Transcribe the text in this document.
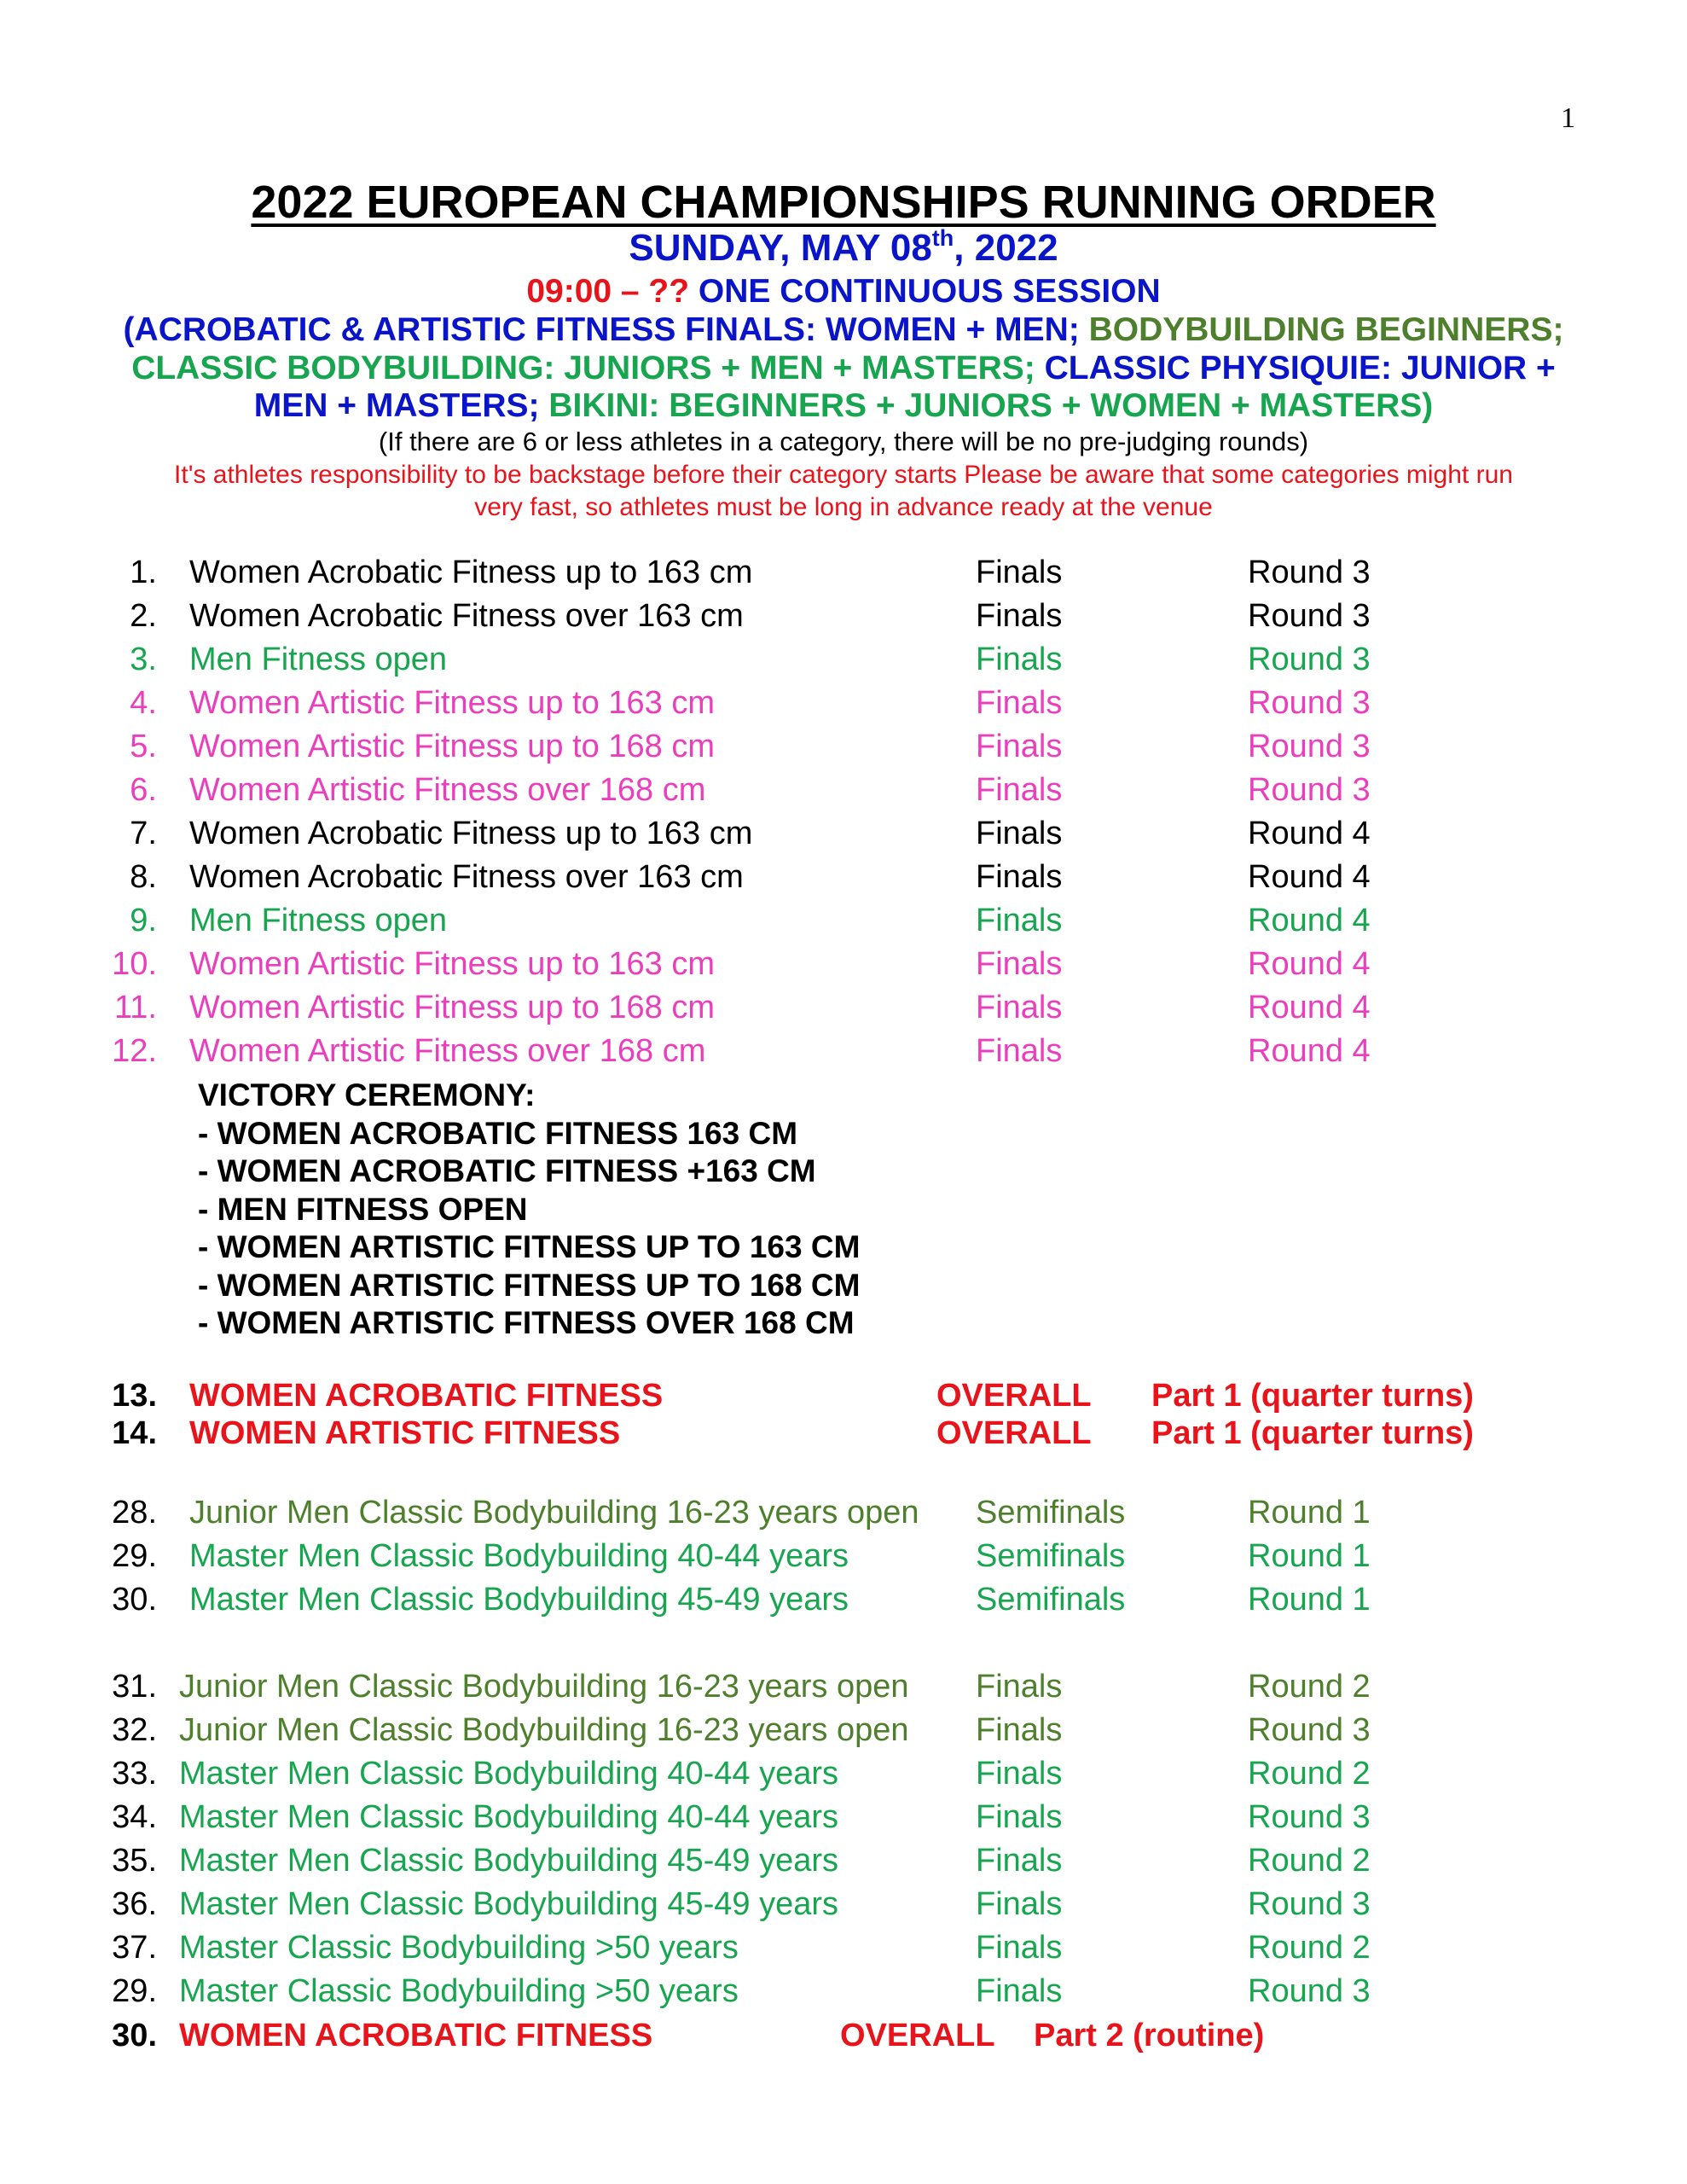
1
2022 EUROPEAN CHAMPIONSHIPS RUNNING ORDER
SUNDAY, MAY 08th, 2022
09:00 – ?? ONE CONTINUOUS SESSION
(ACROBATIC & ARTISTIC FITNESS FINALS: WOMEN + MEN; BODYBUILDING BEGINNERS;
CLASSIC BODYBUILDING: JUNIORS + MEN + MASTERS; CLASSIC PHYSIQUIE: JUNIOR +
MEN + MASTERS; BIKINI: BEGINNERS + JUNIORS + WOMEN + MASTERS)
(If there are 6 or less athletes in a category, there will be no pre-judging rounds)
It's athletes responsibility to be backstage before their category starts Please be aware that some categories might run
very fast, so athletes must be long in advance ready at the venue
1. Women Acrobatic Fitness up to 163 cm	Finals	Round 3
2. Women Acrobatic Fitness over 163 cm	Finals	Round 3
3. Men Fitness open	Finals	Round 3
4. Women Artistic Fitness up to 163 cm	Finals	Round 3
5. Women Artistic Fitness up to 168 cm	Finals	Round 3
6. Women Artistic Fitness over 168 cm	Finals	Round 3
7. Women Acrobatic Fitness up to 163 cm	Finals	Round 4
8. Women Acrobatic Fitness over 163 cm	Finals	Round 4
9. Men Fitness open	Finals	Round 4
10. Women Artistic Fitness up to 163 cm	Finals	Round 4
11. Women Artistic Fitness up to 168 cm	Finals	Round 4
12. Women Artistic Fitness over 168 cm	Finals	Round 4
13. WOMEN ACROBATIC FITNESS	OVERALL Part 1 (quarter turns)
14. WOMEN ARTISTIC FITNESS	OVERALL Part 1 (quarter turns)
28. Junior Men Classic Bodybuilding 16-23 years open Semifinals	Round 1
29. Master Men Classic Bodybuilding 40-44 years	Semifinals	Round 1
30. Master Men Classic Bodybuilding 45-49 years	Semifinals	Round 1
31. Junior Men Classic Bodybuilding 16-23 years open Finals	Round 2
32. Junior Men Classic Bodybuilding 16-23 years open Finals	Round 3
33. Master Men Classic Bodybuilding 40-44 years	Finals	Round 2
34. Master Men Classic Bodybuilding 40-44 years	Finals	Round 3
35. Master Men Classic Bodybuilding 45-49 years	Finals	Round 2
36. Master Men Classic Bodybuilding 45-49 years	Finals	Round 3
37. Master Classic Bodybuilding >50 years	Finals	Round 2
29. Master Classic Bodybuilding >50 years	Finals	Round 3
30. WOMEN ACROBATIC FITNESS	OVERALL Part 2 (routine)
VICTORY CEREMONY:
- WOMEN ACROBATIC FITNESS 163 CM
- WOMEN ACROBATIC FITNESS +163 CM
- MEN FITNESS OPEN
- WOMEN ARTISTIC FITNESS UP TO 163 CM
- WOMEN ARTISTIC FITNESS UP TO 168 CM
- WOMEN ARTISTIC FITNESS OVER 168 CM
